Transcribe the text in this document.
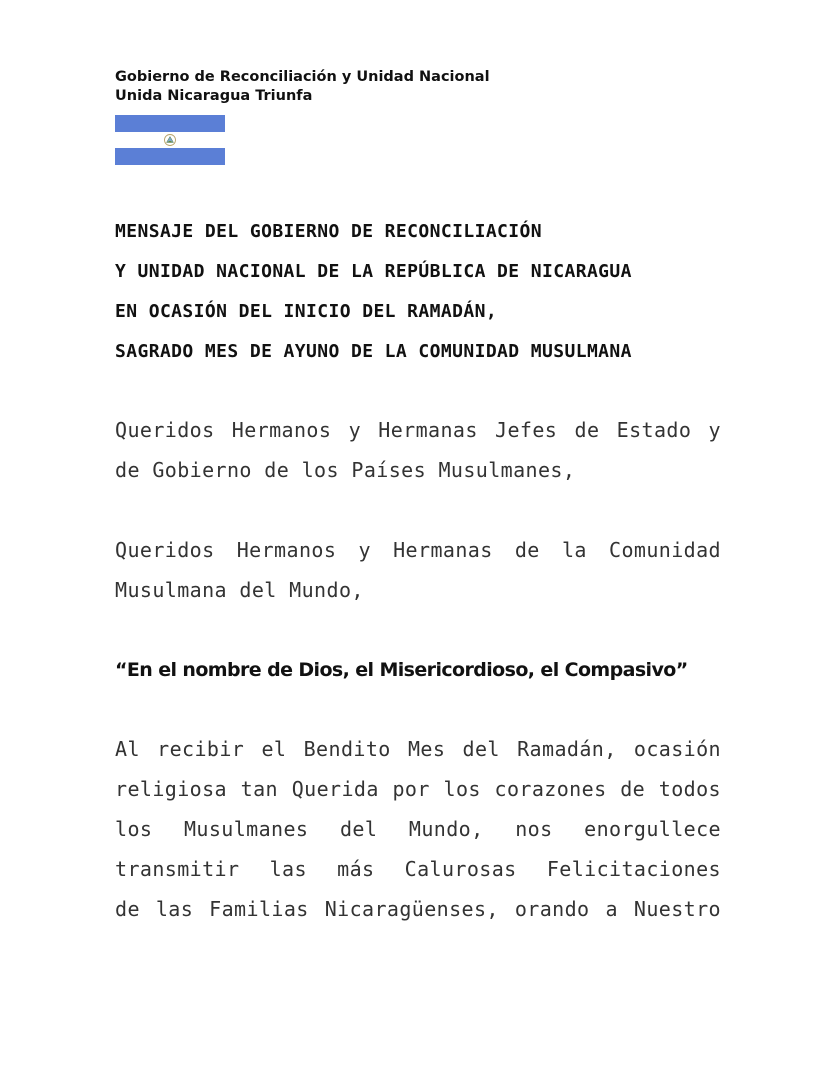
Gobierno de Reconciliación y Unidad Nacional
Unida Nicaragua Triunfa
MENSAJE DEL GOBIERNO DE RECONCILIACIÓN
Y UNIDAD NACIONAL DE LA REPÚBLICA DE NICARAGUA
EN OCASIÓN DEL INICIO DEL RAMADÁN,
SAGRADO MES DE AYUNO DE LA COMUNIDAD MUSULMANA
Queridos Hermanos y Hermanas Jefes de Estado y
de Gobierno de los Países Musulmanes,
Queridos Hermanos y Hermanas de la Comunidad
Musulmana del Mundo,
“En el nombre de Dios, el Misericordioso, el Compasivo”
Al recibir el Bendito Mes del Ramadán, ocasión
religiosa tan Querida por los corazones de todos
los Musulmanes del Mundo, nos enorgullece
transmitir las más Calurosas Felicitaciones
de las Familias Nicaragüenses, orando a Nuestro
